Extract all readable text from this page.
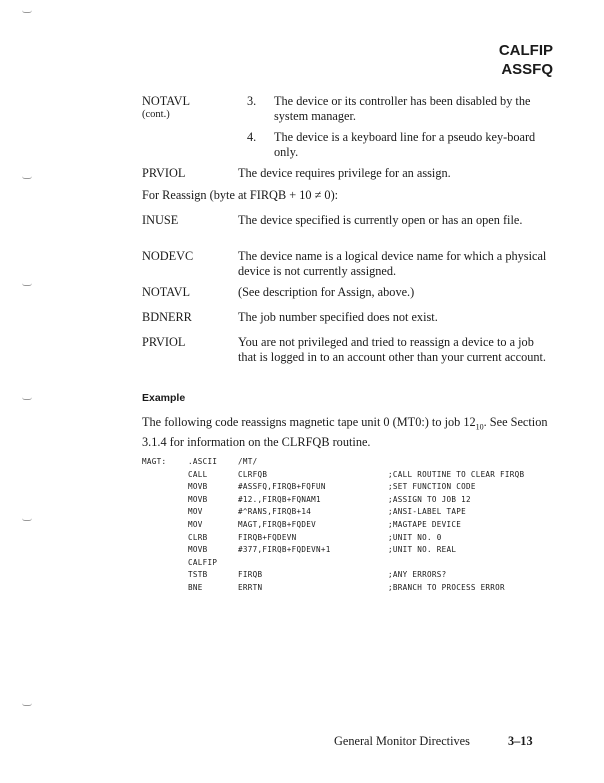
CALFIP
ASSFQ
NOTAVL
(cont.)
3. The device or its controller has been disabled by the system manager.
4. The device is a keyboard line for a pseudo key-board only.
PRVIOL	The device requires privilege for an assign.
For Reassign (byte at FIRQB + 10 ≠ 0):
INUSE	The device specified is currently open or has an open file.
NODEVC	The device name is a logical device name for which a physical device is not currently assigned.
NOTAVL	(See description for Assign, above.)
BDNERR	The job number specified does not exist.
PRVIOL	You are not privileged and tried to reassign a device to a job that is logged in to an account other than your current account.
Example
The following code reassigns magnetic tape unit 0 (MT0:) to job $12_{10}$. See Section 3.1.4 for information on the CLRFQB routine.
MAGT:	.ASCII	/MT/
CALL	CLRFQB	;CALL ROUTINE TO CLEAR FIRQB
MOVB	#ASSFQ,FIRQB+FQFUN	;SET FUNCTION CODE
MOVB	#12.,FIRQB+FQNAM1	;ASSIGN TO JOB 12
MOV	#^RANS,FIRQB+14	;ANSI-LABEL TAPE
MOV	MAGT,FIRQB+FQDEV	;MAGTAPE DEVICE
CLRB	FIRQB+FQDEVN	;UNIT NO. 0
MOVB	#377,FIRQB+FQDEVN+1	;UNIT NO. REAL
CALFIP
TSTB	FIRQB	;ANY ERRORS?
BNE	ERRTN	;BRANCH TO PROCESS ERROR
General Monitor Directives	3–13
